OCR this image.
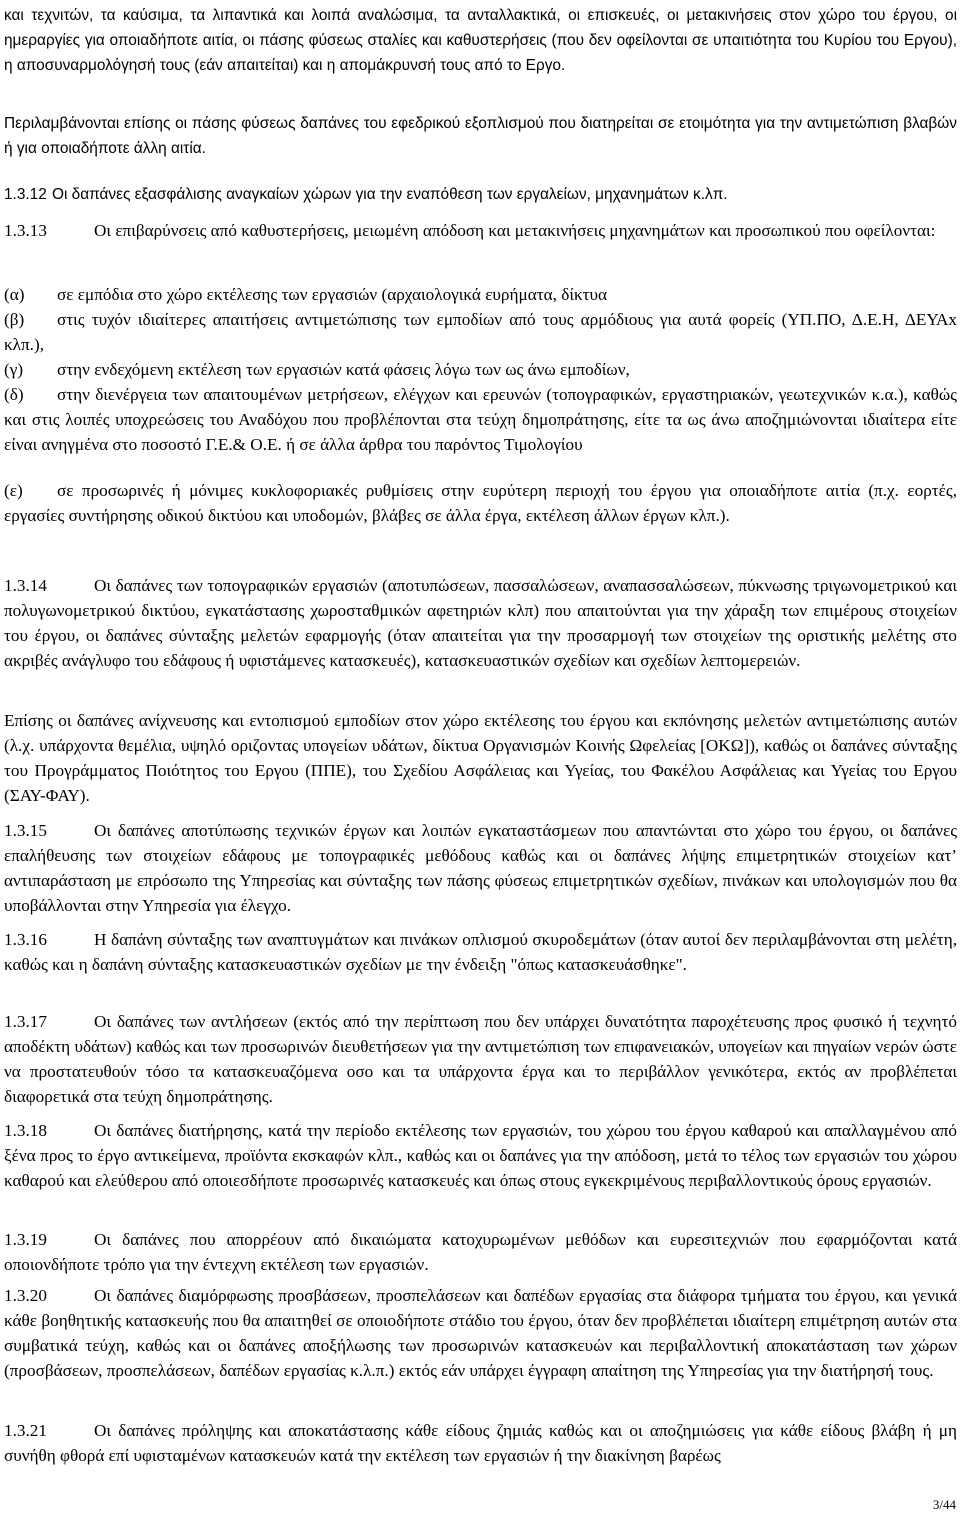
και τεχνιτών, τα καύσιμα, τα λιπαντικά και λοιπά αναλώσιμα, τα ανταλλακτικά, οι επισκευές, οι μετακινήσεις στον χώρο του έργου, οι ημεραργίες για οποιαδήποτε αιτία, οι πάσης φύσεως σταλίες και καθυστερήσεις (που δεν οφείλονται σε υπαιτιότητα του Κυρίου του Εργου), η αποσυναρμολόγησή τους (εάν απαιτείται) και η απομάκρυνσή τους από το Εργο.

Περιλαμβάνονται επίσης οι πάσης φύσεως δαπάνες του εφεδρικού εξοπλισμού που διατηρείται σε ετοιμότητα για την αντιμετώπιση βλαβών ή για οποιαδήποτε άλλη αιτία.

1.3.12 Οι δαπάνες εξασφάλισης αναγκαίων χώρων για την εναπόθεση των εργαλείων, μηχανημάτων κ.λπ.

1.3.13	Οι επιβαρύνσεις από καθυστερήσεις, μειωμένη απόδοση και μετακινήσεις μηχανημάτων και προσωπικού που οφείλονται:

(α) σε εμπόδια στο χώρο εκτέλεσης των εργασιών (αρχαιολογικά ευρήματα, δίκτυα

(β) στις τυχόν ιδιαίτερες απαιτήσεις αντιμετώπισης των εμποδίων από τους αρμόδιους για αυτά φορείς (ΥΠ.ΠΟ, Δ.Ε.Η, ΔΕΥΑx κλπ.),

(γ) στην ενδεχόμενη εκτέλεση των εργασιών κατά φάσεις λόγω των ως άνω εμποδίων,

(δ) στην διενέργεια των απαιτουμένων μετρήσεων, ελέγχων και ερευνών (τοπογραφικών, εργαστηριακών, γεωτεχνικών κ.α.), καθώς και στις λοιπές υποχρεώσεις του Αναδόχου που προβλέπονται στα τεύχη δημοπράτησης, είτε τα ως άνω αποζημιώνονται ιδιαίτερα είτε είναι ανηγμένα στο ποσοστό Γ.Ε.& Ο.Ε. ή σε άλλα άρθρα του παρόντος Τιμολογίου

(ε) σε προσωρινές ή μόνιμες κυκλοφοριακές ρυθμίσεις στην ευρύτερη περιοχή του έργου για οποιαδήποτε αιτία (π.χ. εορτές, εργασίες συντήρησης οδικού δικτύου και υποδομών, βλάβες σε άλλα έργα, εκτέλεση άλλων έργων κλπ.).

1.3.14	Οι δαπάνες των τοπογραφικών εργασιών (αποτυπώσεων, πασσαλώσεων, αναπασσαλώσεων, πύκνωσης τριγωνομετρικού και πολυγωνομετρικού δικτύου, εγκατάστασης χωροσταθμικών αφετηριών κλπ) που απαιτούνται για την χάραξη των επιμέρους στοιχείων του έργου, οι δαπάνες σύνταξης μελετών εφαρμογής (όταν απαιτείται για την προσαρμογή των στοιχείων της οριστικής μελέτης στο ακριβές ανάγλυφο του εδάφους ή υφιστάμενες κατασκευές), κατασκευαστικών σχεδίων και σχεδίων λεπτομερειών.

Επίσης οι δαπάνες ανίχνευσης και εντοπισμού εμποδίων στον χώρο εκτέλεσης του έργου και εκπόνησης μελετών αντιμετώπισης αυτών (λ.χ. υπάρχοντα θεμέλια, υψηλό οριζοντας υπογείων υδάτων, δίκτυα Οργανισμών Κοινής Ωφελείας [ΟΚΩ]), καθώς οι δαπάνες σύνταξης του Προγράμματος Ποιότητος του Εργου (ΠΠΕ), του Σχεδίου Ασφάλειας και Υγείας, του Φακέλου Ασφάλειας και Υγείας του Εργου (ΣΑΥ-ΦΑΥ).

1.3.15	Οι δαπάνες αποτύπωσης τεχνικών έργων και λοιπών εγκαταστάσμεων που απαντώνται στο χώρο του έργου, οι δαπάνες επαλήθευσης των στοιχείων εδάφους με τοπογραφικές μεθόδους καθώς και οι δαπάνες λήψης επιμετρητικών στοιχείων κατ’ αντιπαράσταση με επρόσωπο της Υπηρεσίας και σύνταξης των πάσης φύσεως επιμετρητικών σχεδίων, πινάκων και υπολογισμών που θα υποβάλλονται στην Υπηρεσία για έλεγχο.

1.3.16	Η δαπάνη σύνταξης των αναπτυγμάτων και πινάκων οπλισμού σκυροδεμάτων (όταν αυτοί δεν περιλαμβάνονται στη μελέτη, καθώς και η δαπάνη σύνταξης κατασκευαστικών σχεδίων με την ένδειξη "όπως κατασκευάσθηκε".

1.3.17	Οι δαπάνες των αντλήσεων (εκτός από την περίπτωση που δεν υπάρχει δυνατότητα παροχέτευσης προς φυσικό ή τεχνητό αποδέκτη υδάτων) καθώς και των προσωρινών διευθετήσεων για την αντιμετώπιση των επιφανειακών, υπογείων και πηγαίων νερών ώστε να προστατευθούν τόσο τα κατασκευαζόμενα οσο και τα υπάρχοντα έργα και το περιβάλλον γενικότερα, εκτός αν προβλέπεται διαφορετικά στα τεύχη δημοπράτησης.

1.3.18	Οι δαπάνες διατήρησης, κατά την περίοδο εκτέλεσης των εργασιών, του χώρου του έργου καθαρού και απαλλαγμένου από ξένα προς το έργο αντικείμενα, προϊόντα εκσκαφών κλπ., καθώς και οι δαπάνες για την απόδοση, μετά το τέλος των εργασιών του χώρου καθαρού και ελεύθερου από οποιεσδήποτε προσωρινές κατασκευές και όπως στους εγκεκριμένους περιβαλλοντικούς όρους εργασιών.

1.3.19	Οι δαπάνες που απορρέουν από δικαιώματα κατοχυρωμένων μεθόδων και ευρεσιτεχνιών που εφαρμόζονται κατά οποιονδήποτε τρόπο για την έντεχνη εκτέλεση των εργασιών.

1.3.20	Οι δαπάνες διαμόρφωσης προσβάσεων, προσπελάσεων και δαπέδων εργασίας στα διάφορα τμήματα του έργου, και γενικά κάθε βοηθητικής κατασκευής που θα απαιτηθεί σε οποιοδήποτε στάδιο του έργου, όταν δεν προβλέπεται ιδιαίτερη επιμέτρηση αυτών στα συμβατικά τεύχη, καθώς και οι δαπάνες αποξήλωσης των προσωρινών κατασκευών και περιβαλλοντική αποκατάσταση των χώρων (προσβάσεων, προσπελάσεων, δαπέδων εργασίας κ.λ.π.) εκτός εάν υπάρχει έγγραφη απαίτηση της Υπηρεσίας για την διατήρησή τους.

1.3.21	Οι δαπάνες πρόληψης και αποκατάστασης κάθε είδους ζημιάς καθώς και οι αποζημιώσεις για κάθε είδους βλάβη ή μη συνήθη φθορά επί υφισταμένων κατασκευών κατά την εκτέλεση των εργασιών ή την διακίνηση βαρέως

3/44
